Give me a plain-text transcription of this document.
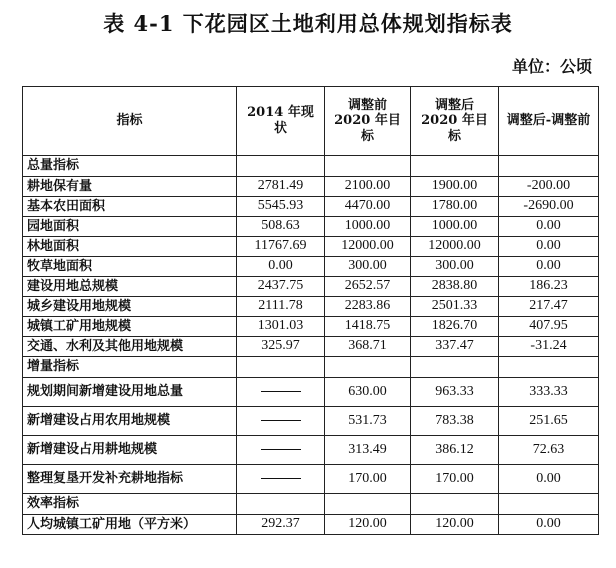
表 4-1 下花园区土地利用总体规划指标表
单位：公顷
指标	2014 年现状	调整前 2020 年目标	调整后 2020 年目标	调整后-调整前
总量指标				
耕地保有量	2781.49	2100.00	1900.00	-200.00
基本农田面积	5545.93	4470.00	1780.00	-2690.00
园地面积	508.63	1000.00	1000.00	0.00
林地面积	11767.69	12000.00	12000.00	0.00
牧草地面积	0.00	300.00	300.00	0.00
建设用地总规模	2437.75	2652.57	2838.80	186.23
城乡建设用地规模	2111.78	2283.86	2501.33	217.47
城镇工矿用地规模	1301.03	1418.75	1826.70	407.95
交通、水利及其他用地规模	325.97	368.71	337.47	-31.24
增量指标				
规划期间新增建设用地总量		630.00	963.33	333.33
新增建设占用农用地规模		531.73	783.38	251.65
新增建设占用耕地规模		313.49	386.12	72.63
整理复垦开发补充耕地指标		170.00	170.00	0.00
效率指标				
人均城镇工矿用地（平方米）	292.37	120.00	120.00	0.00
